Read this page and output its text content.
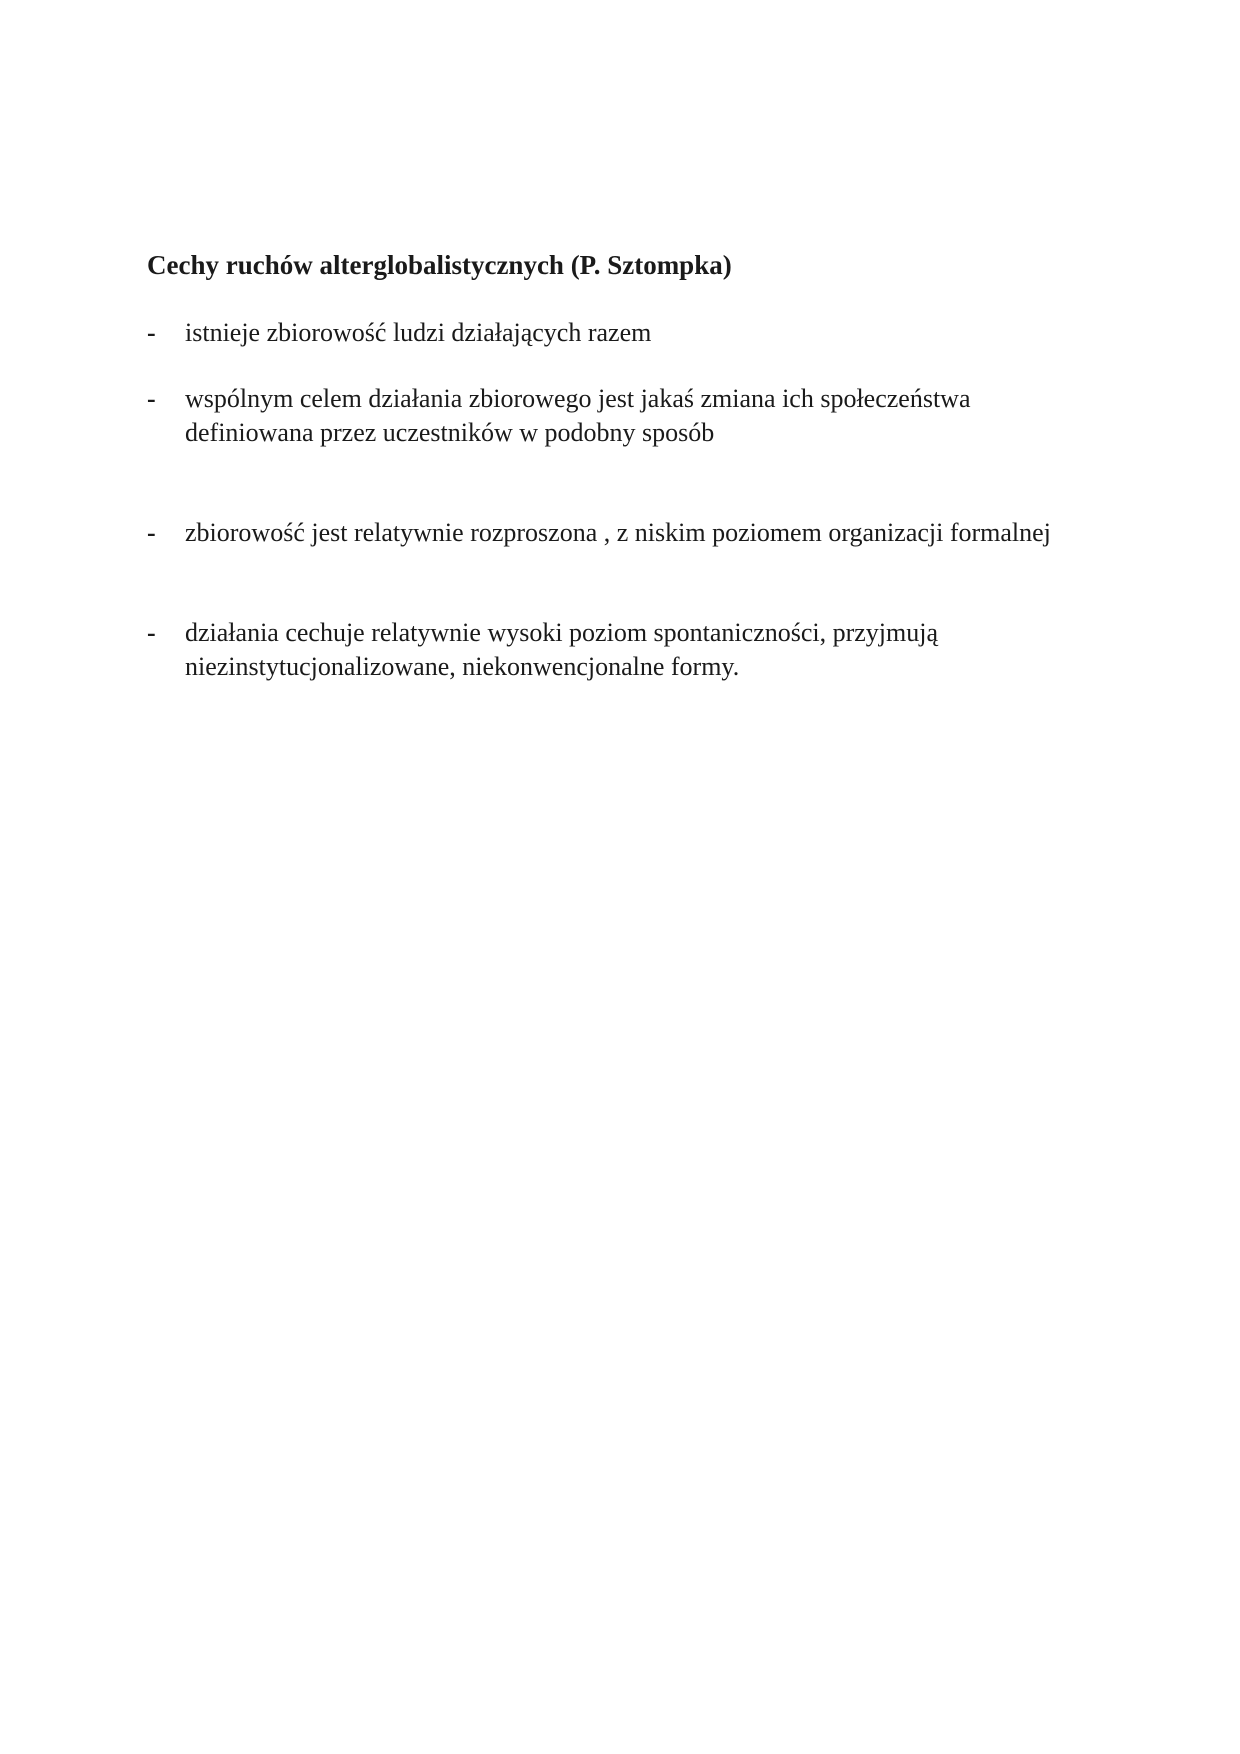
Cechy ruchów alterglobalistycznych (P. Sztompka)
-	istnieje zbiorowość ludzi działających razem
-	wspólnym celem działania zbiorowego jest jakaś zmiana ich społeczeństwa definiowana przez uczestników w podobny sposób
-	zbiorowość jest relatywnie rozproszona , z niskim poziomem organizacji formalnej
-	działania cechuje relatywnie wysoki poziom spontaniczności, przyjmują niezinstytucjonalizowane, niekonwencjonalne formy.
